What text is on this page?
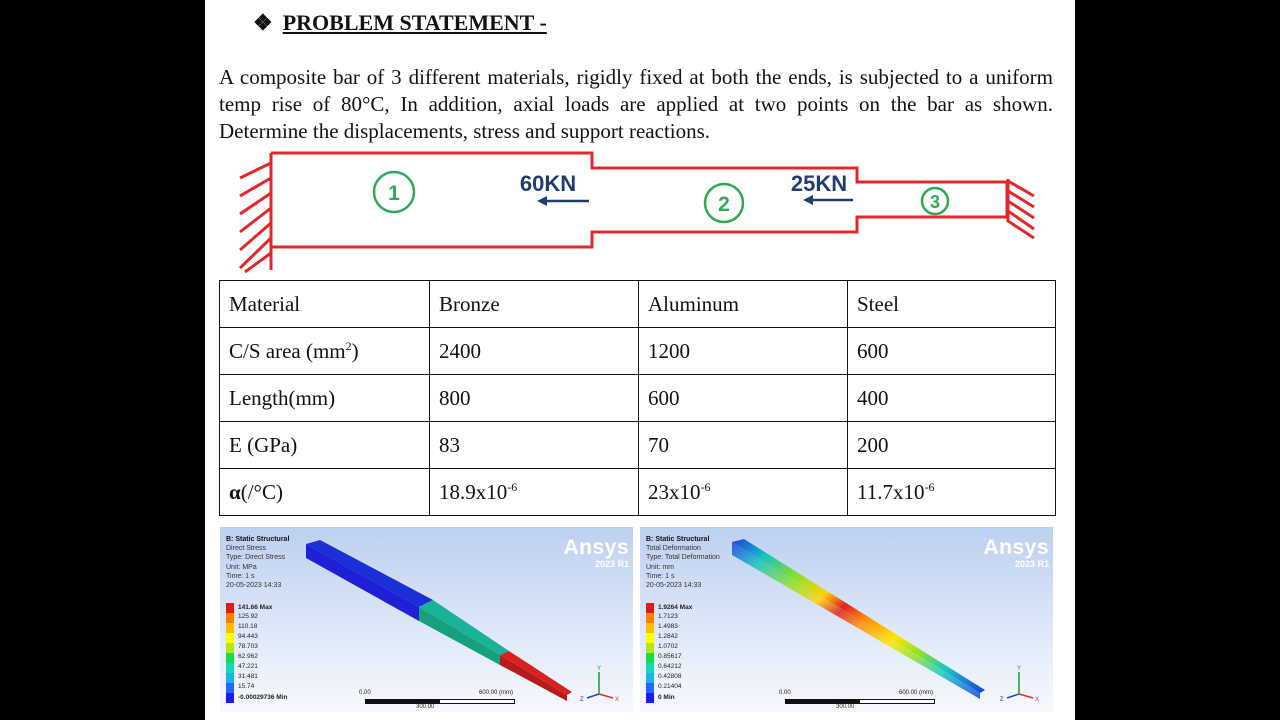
❖ PROBLEM STATEMENT -
A composite bar of 3 different materials, rigidly fixed at both the ends, is subjected to a uniform temp rise of 80°C, In addition, axial loads are applied at two points on the bar as shown. Determine the displacements, stress and support reactions.
1	2	3
60KN	25KN
Material	Bronze	Aluminum	Steel
C/S area $(mm^2)$	2400	1200	600
Length(mm)	800	600	400
E (GPa)	83	70	200
α(/°C)	$18.9x10^{-6}$	$23x10^{-6}$	$11.7x10^{-6}$
B: Static Structural
Direct Stress
Type: Direct Stress
Unit: MPa
Time: 1 s
20-05-2023 14:33
141.66 Max
125.92
110.18
94.443
78.703
62.962
47.221
31.481
15.74
-0.00029736 Min
Ansys
2023 R1
0.00	600.00 (mm)
300.00
Y
X
Z
B: Static Structural
Total Deformation
Type: Total Deformation
Unit: mm
Time: 1 s
20-05-2023 14:33
1.9264 Max
1.7123
1.4983
1.2842
1.0702
0.85617
0.64212
0.42808
0.21404
0 Min
Ansys
2023 R1
0.00	600.00 (mm)
300.00
Y
X
Z
